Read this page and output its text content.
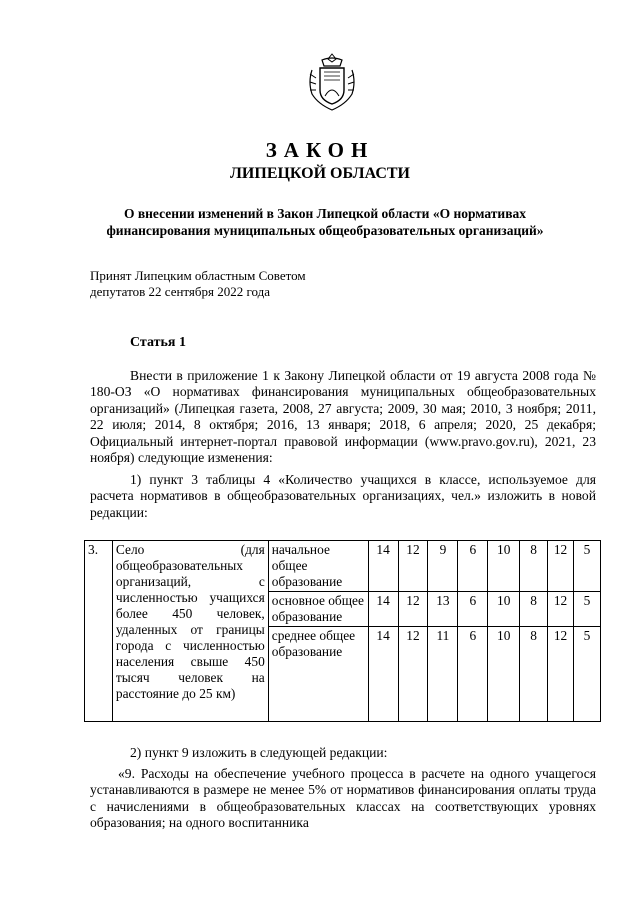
ЗАКОН
ЛИПЕЦКОЙ ОБЛАСТИ
О внесении изменений в Закон Липецкой области «О нормативах
финансирования муниципальных общеобразовательных организаций»
Принят Липецким областным Советом
депутатов 22 сентября 2022 года
Статья 1
Внести в приложение 1 к Закону Липецкой области от 19 августа 2008 года № 180-ОЗ «О нормативах финансирования муниципальных общеобразовательных организаций» (Липецкая газета, 2008, 27 августа; 2009, 30 мая; 2010, 3 ноября; 2011, 22 июля; 2014, 8 октября; 2016, 13 января; 2018, 6 апреля; 2020, 25 декабря; Официальный интернет-портал правовой информации (www.pravo.gov.ru), 2021, 23 ноября) следующие изменения:
1) пункт 3 таблицы 4 «Количество учащихся в классе, используемое для расчета нормативов в общеобразовательных организациях, чел.» изложить в новой редакции:
3.	Село (для общеобразовательных организаций, с численностью учащихся более 450 человек, удаленных от границы города с численностью населения свыше 450 тысяч человек на расстояние до 25 км)	начальное общее образование	14	12	9	6	10	8	12	5
		основное общее образование	14	12	13	6	10	8	12	5
		среднее общее образование	14	12	11	6	10	8	12	5
2) пункт 9 изложить в следующей редакции:
«9. Расходы на обеспечение учебного процесса в расчете на одного учащегося устанавливаются в размере не менее 5% от нормативов финансирования оплаты труда с начислениями в общеобразовательных классах на соответствующих уровнях образования; на одного воспитанника
